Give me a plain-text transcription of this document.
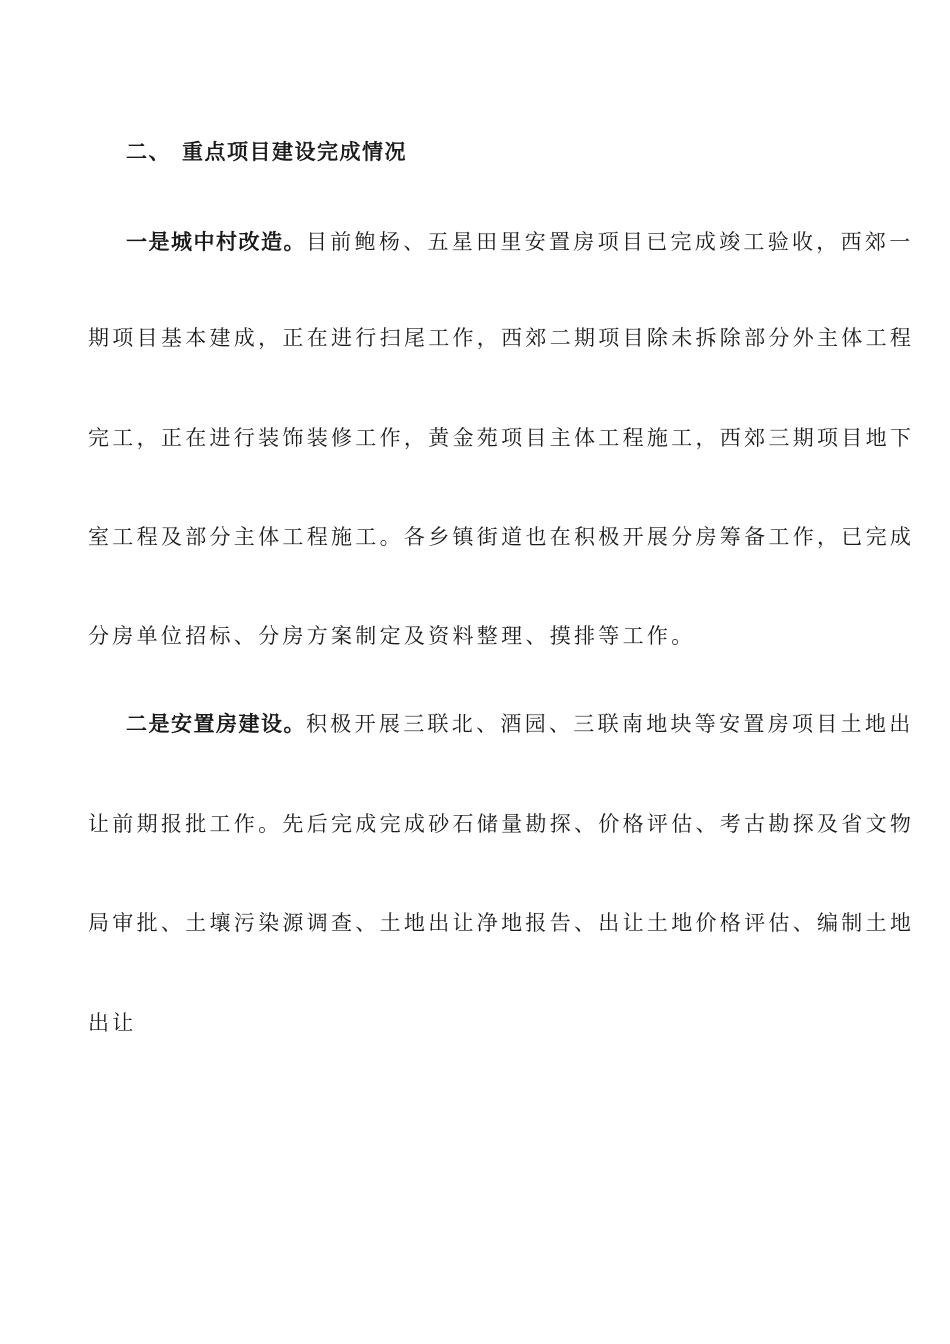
二、 重点项目建设完成情况
一是城中村改造。目前鲍杨、五星田里安置房项目已完成竣工验收，西郊一
期项目基本建成，正在进行扫尾工作，西郊二期项目除未拆除部分外主体工程
完工，正在进行装饰装修工作，黄金苑项目主体工程施工，西郊三期项目地下
室工程及部分主体工程施工。各乡镇街道也在积极开展分房筹备工作，已完成
分房单位招标、分房方案制定及资料整理、摸排等工作。
二是安置房建设。积极开展三联北、酒园、三联南地块等安置房项目土地出
让前期报批工作。先后完成完成砂石储量勘探、价格评估、考古勘探及省文物
局审批、土壤污染源调查、土地出让净地报告、出让土地价格评估、编制土地
出让
